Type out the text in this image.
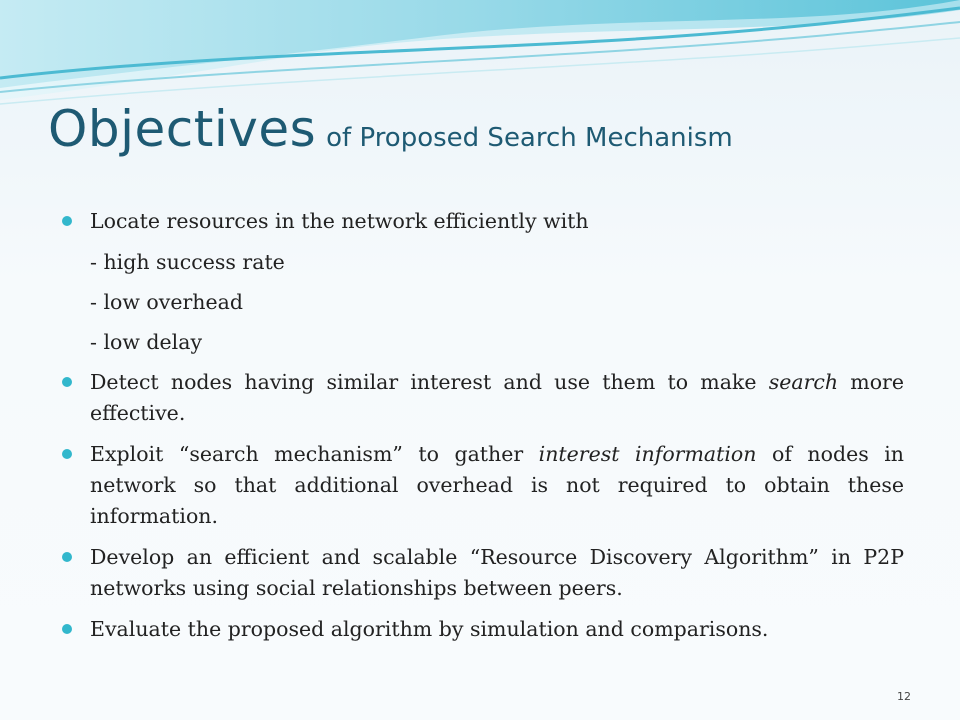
Objectives of Proposed Search Mechanism
Locate resources in the network efficiently with
- high success rate
- low overhead
- low delay
Detect nodes having similar interest and use them to make search more effective.
Exploit “search mechanism” to gather interest information of nodes in network so that additional overhead is not required to obtain these information.
Develop an efficient and scalable “Resource Discovery Algorithm” in P2P networks using social relationships between peers.
Evaluate the proposed algorithm by simulation and comparisons.
12
